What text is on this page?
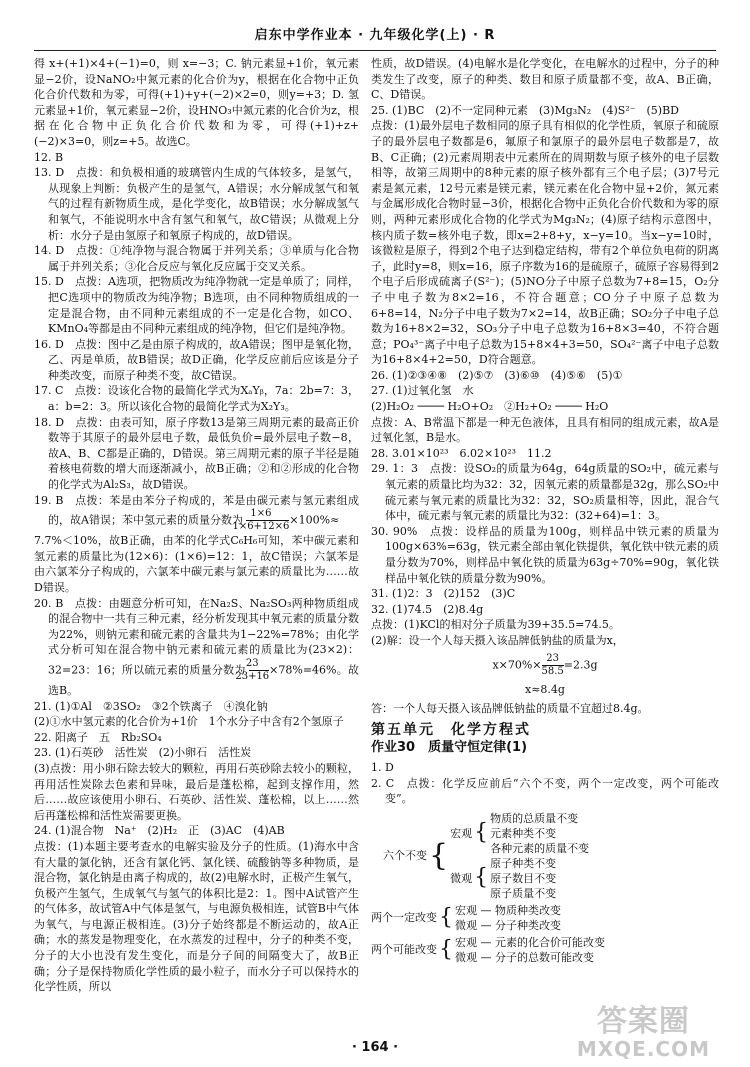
启东中学作业本 · 九年级化学(上) · R

得 x+(+1)×4+(−1)=0，则 x=−3；C. 钠元素显+1价，氧元素显−2价，设NaNO₂中氮元素的化合价为y，根据在化合物中正负化合价代数和为零，可得(+1)+y+(−2)×2=0，则y=+3；D. 氢元素显+1价，氧元素显−2价，设HNO₃中氮元素的化合价为z，根据在化合物中正负化合价代数和为零，可得(+1)+z+(−2)×3=0，则z=+5。故选C。

12. B

13. D　点拨：和负极相通的玻璃管内生成的气体较多，是氢气，从现象上判断：负极产生的是氢气，A错误；水分解成氢气和氧气的过程有新物质生成，是化学变化，故B错误；水分解成氢气和氧气，不能说明水中含有氢气和氧气，故C错误；从微观上分析：水分子是由氢原子和氧原子构成的，故D错误。

14. D　点拨：①纯净物与混合物属于并列关系；③单质与化合物属于并列关系；③化合反应与氧化反应属于交叉关系。

15. D　点拨：A选项，把物质改为纯净物就一定是单质了；同样，把C选项中的物质改为纯净物；B选项，由不同种物质组成的一定是混合物，由不同种元素组成的不一定是化合物，如CO、KMnO₄等都是由不同种元素组成的纯净物，但它们是纯净物。

16. D　点拨：图中乙是由原子构成的，故A错误；图甲是氧化物，乙、丙是单质，故B错误；故D正确，化学反应前后应该是分子种类改变，而原子种类不变，故C错误。

17. C　点拨：设该化合物的最简化学式为XₐYᵦ，7a：2b=7：3，a：b=2：3。所以该化合物的最简化学式为X₂Y₃。

18. D　点拨：由表可知，原子序数13是第三周期元素的最高正价数等于其原子的最外层电子数，最低负价=最外层电子数−8，故A、B、C都是正确的，D错误。第三周期元素的原子半径是随着核电荷数的增大而逐渐减小，故B正确；②和②形成的化合物的化学式为Al₂S₃，故D错误。

19. B　点拨：苯是由苯分子构成的，苯是由碳元素与氢元素组成的，故A错误；苯中氢元素的质量分数为 $\frac{1\times 6}{1\times 6+12\times 6} \times 100\%\approx$

7.7%＜10%，故B正确，由苯的化学式C₆H₆可知，苯中碳元素和氢元素的质量比为(12×6)：(1×6)=12：1，故C错误；六氯苯是由六氯苯分子构成的，六氯苯中碳元素与氯元素的质量比为……故D错误。

20. B　点拨：由题意分析可知，在Na₂S、Na₂SO₃两种物质组成的混合物中一共有三种元素，经分析发现其中氧元素的质量分数为22%，则钠元素和硫元素的含量共为1−22%=78%；由化学式分析可知在混合物中钠元素和硫元素的质量比为(23×2)：32=23：16；所以硫元素的质量分数为 $\frac{23}{23+16} \times 78\%=46\%$。故选B。

21. (1)①Al　②3SO₂　③2个铁离子　④溴化钠

(2)①水中氢元素的化合价为+1价　1个水分子中含有2个氢原子

22. 阳离子　五　Rb₂SO₄

23. (1)石英砂　活性炭　(2)小卵石　活性炭

(3)点拨：用小卵石除去较大的颗粒，再用石英砂除去较小的颗粒，再用活性炭除去色素和异味，最后是蓬松棉，起到支撑作用，然后……故应该使用小卵石、石英砂、活性炭、蓬松棉，以上……然后再蓬松棉和活性炭需要更换。

24. (1)混合物　Na⁺　(2)H₂　正　(3)AC　(4)AB

点拨：(1)本题主要考查水的电解实验及分子的性质。(1)海水中含有大量的氯化钠，还含有氯化钙、氯化镁、硫酸钠等多种物质，是混合物，氯化钠是由离子构成的，故(2)电解水时，正极产生氧气，负极产生氢气，生成氧气与氢气的体积比是2：1。图中A试管产生的气体多，故试管A中气体是氢气，与电源负极相连，试管B中气体为氧气，与电源正极相连。(3)分子始终都是不断运动的，故A正确；水的蒸发是物理变化，在水蒸发的过程中，分子的种类不变，分子的大小也没有发生变化，而是分子间的间隔变大了，故B正确；分子是保持物质化学性质的最小粒子，而水分子可以保持水的化学性质，所以

性质，故D错误。(4)电解水是化学变化，在电解水的过程中，分子的种类发生了改变，原子的种类、数目和原子质量都不变，故A、B正确，C、D错误。

25. (1)BC　(2)不一定同种元素　(3)Mg₃N₂　(4)S²⁻　(5)BD

点拨：(1)最外层电子数相同的原子具有相似的化学性质，氧原子和硫原子的最外层电子数都是6，氟原子和氯原子的最外层电子数都是7，故B、C正确；(2)元素周期表中元素所在的周期数与原子核外的电子层数相等，故第三周期中的8种元素的原子核外都有三个电子层；(3)7号元素是氮元素，12号元素是镁元素，镁元素在化合物中显+2价，氮元素与金属形成化合物时显−3价，根据化合物中正负化合价代数和为零的原则，两种元素形成化合物的化学式为Mg₃N₂；(4)原子结构示意图中，核内质子数=核外电子数，即x=2+8+y，x−y=10。当x−y=10时，该微粒是原子，得到2个电子达到稳定结构，带有2个单位负电荷的阴离子，此时y=8，则x=16，原子序数为16的是硫原子，硫原子容易得到2个电子后形成硫离子(S²⁻)；(5)NO分子中原子总数为7+8=15，O₂分子中电子数为8×2=16，不符合题意；CO分子中原子总数为6+8=14，N₂分子中电子数为7×2=14，故B正确；SO₂分子中电子总数为16+8×2=32，SO₃分子中电子总数为16+8×3=40，不符合题意；PO₄³⁻离子中电子总数为15+8×4+3=50，SO₄²⁻离子中电子总数为16+8×4+2=50，D符合题意。

26. (1)②③④⑧　(2)⑤⑦　(3)⑥⑩　(4)⑤⑥　(5)①

27. (1)过氧化氢　水

(2)H₂O₂ ──── H₂O+O₂　②H₂+O₂ ──── H₂O

点拨：A、B常温下都是一种无色液体，且具有相同的组成元素，故A是过氧化氢，B是水。

28. 3.01×10²³　6.02×10²³　11.2

29. 1：3　点拨：设SO₂的质量为64g，64g质量的SO₂中，硫元素与氧元素的质量比均为32：32，因氧元素的质量都是32g，那么SO₂中硫元素与氧元素的质量比为32：32，SO₂质量相等，因此，混合气体中，硫元素与氧元素的质量比为32：(32+64)=1：3。

30. 90%　点拨：设样品的质量为100g，则样品中铁元素的质量为100g×63%=63g，铁元素全部由氧化铁提供，氧化铁中铁元素的质量分数为70%，则样品中氧化铁的质量为63g÷70%=90g，氧化铁样品中氧化铁的质量分数为90%。

31. (1)2：3　(2)152　(3)C

32. (1)74.5　(2)8.4g

点拨：(1)KCl的相对分子质量为39+35.5=74.5。

(2)解：设一个人每天摄入该品牌低钠盐的质量为x，

$x\times 70\%\times \frac{23}{58.5} =2.3g$
x≈8.4g

答：一个人每天摄入该品牌低钠盐的质量不宜超过8.4g。

第五单元　化学方程式
作业30　质量守恒定律(1)

1. D

2. C　点拨：化学反应前后“六个不变，两个一定改变，两个可能改变”。

六个不变 {
宏观 {
物质的总质量不变
元素种类不变
各种元素的质量不变
微观 {
原子种类不变
原子数目不变
原子质量不变
两个一定改变 { 宏观 — 物质种类改变
微观 — 分子种类改变
两个可能改变 { 宏观 — 元素的化合价可能改变
微观 — 分子的总数可能改变
答案圈
MXQE.COM
· 164 ·
